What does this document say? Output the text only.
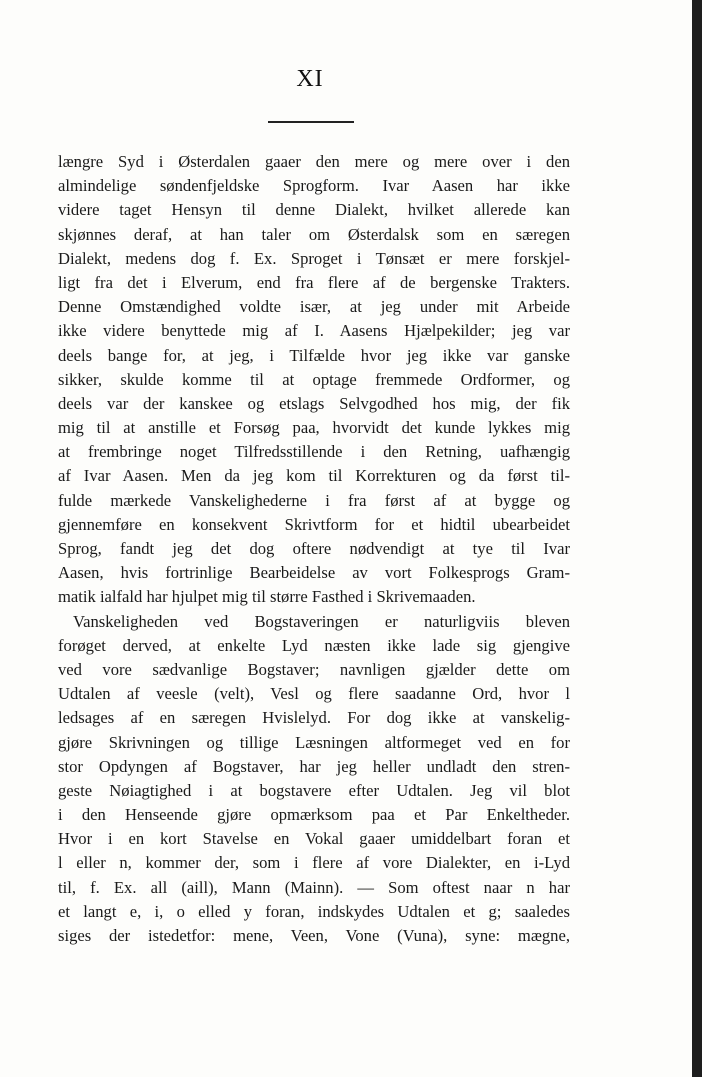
XI
længre Syd i Østerdalen gaaer den mere og mere over i den
almindelige søndenfjeldske Sprogform. Ivar Aasen har ikke
videre taget Hensyn til denne Dialekt, hvilket allerede kan
skjønnes deraf, at han taler om Østerdalsk som en særegen
Dialekt, medens dog f. Ex. Sproget i Tønsæt er mere forskjel-
ligt fra det i Elverum, end fra flere af de bergenske Trakters.
Denne Omstændighed voldte især, at jeg under mit Arbeide
ikke videre benyttede mig af I. Aasens Hjælpekilder; jeg var
deels bange for, at jeg, i Tilfælde hvor jeg ikke var ganske
sikker, skulde komme til at optage fremmede Ordformer, og
deels var der kanskee og etslags Selvgodhed hos mig, der fik
mig til at anstille et Forsøg paa, hvorvidt det kunde lykkes mig
at frembringe noget Tilfredsstillende i den Retning, uafhængig
af Ivar Aasen. Men da jeg kom til Korrekturen og da først til-
fulde mærkede Vanskelighederne i fra først af at bygge og
gjennemføre en konsekvent Skrivtform for et hidtil ubearbeidet
Sprog, fandt jeg det dog oftere nødvendigt at tye til Ivar
Aasen, hvis fortrinlige Bearbeidelse av vort Folkesprogs Gram-
matik ialfald har hjulpet mig til større Fasthed i Skrivemaaden.
Vanskeligheden ved Bogstaveringen er naturligviis bleven
forøget derved, at enkelte Lyd næsten ikke lade sig gjengive
ved vore sædvanlige Bogstaver; navnligen gjælder dette om
Udtalen af veesle (velt), Vesl og flere saadanne Ord, hvor l
ledsages af en særegen Hvislelyd. For dog ikke at vanskelig-
gjøre Skrivningen og tillige Læsningen altformeget ved en for
stor Opdyngen af Bogstaver, har jeg heller undladt den stren-
geste Nøiagtighed i at bogstavere efter Udtalen. Jeg vil blot
i den Henseende gjøre opmærksom paa et Par Enkeltheder.
Hvor i en kort Stavelse en Vokal gaaer umiddelbart foran et
l eller n, kommer der, som i flere af vore Dialekter, en i-Lyd
til, f. Ex. all (aill), Mann (Mainn). — Som oftest naar n har
et langt e, i, o elled y foran, indskydes Udtalen et g; saaledes
siges der istedetfor: mene, Veen, Vone (Vuna), syne: mægne,
